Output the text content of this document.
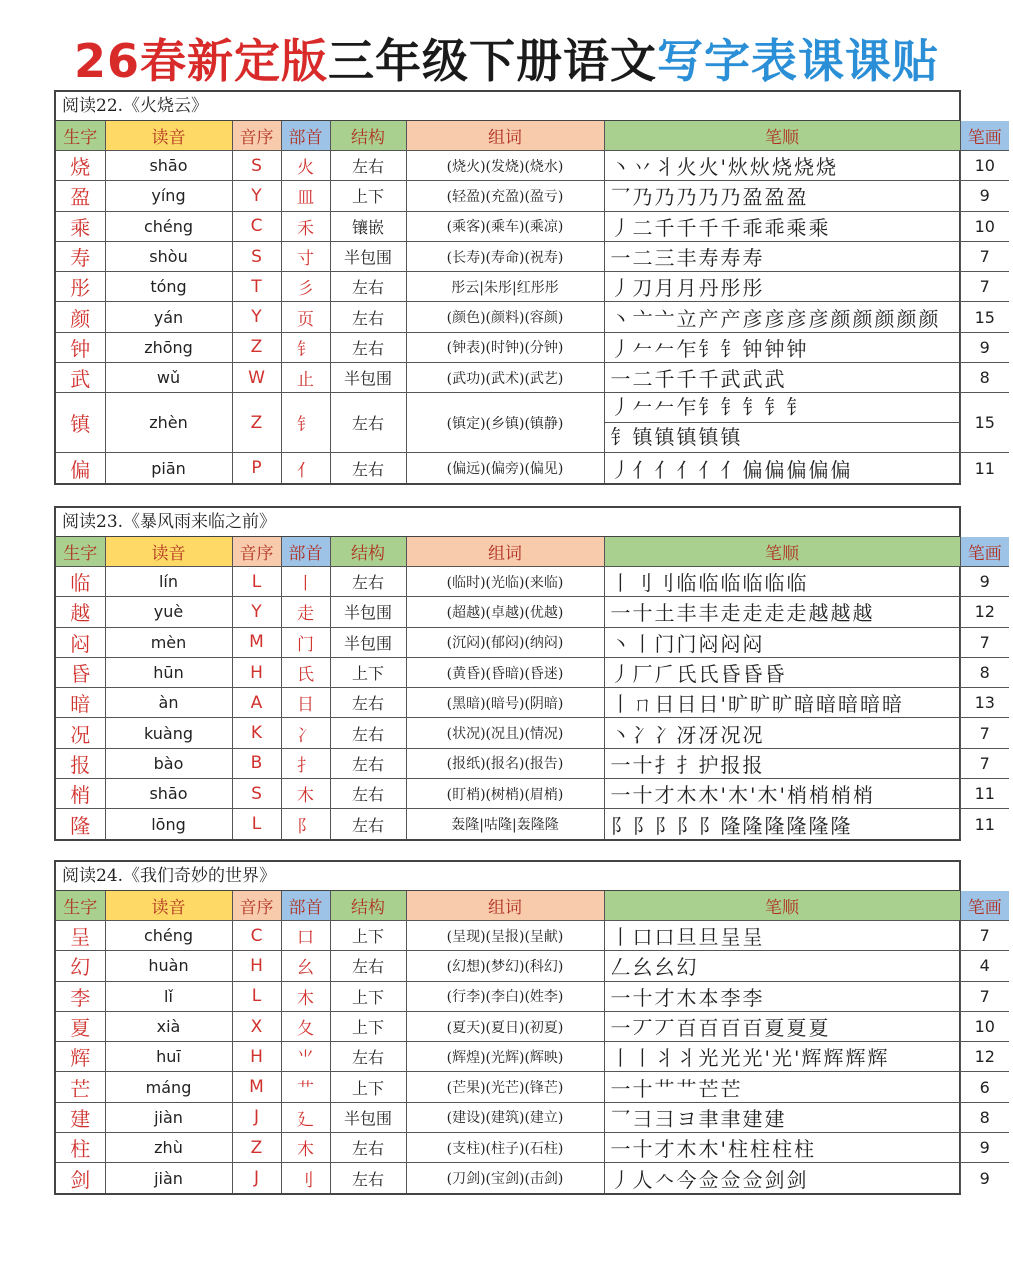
26春新定版三年级下册语文写字表课课贴
阅读22.《火烧云》
生字	读音	音序	部首	结构	组词	笔顺	笔画
烧	shāo	S	火	左右	(烧火)(发烧)(烧水)	丶丷丬火火'炏炏烧烧烧	10
盈	yíng	Y	皿	上下	(轻盈)(充盈)(盈亏)	乛乃乃乃乃乃盈盈盈	9
乘	chéng	C	禾	镶嵌	(乘客)(乘车)(乘凉)	丿二千千千千乖乖乘乘	10
寿	shòu	S	寸	半包围	(长寿)(寿命)(祝寿)	一二三丰寿寿寿	7
彤	tóng	T	彡	左右	彤云|朱彤|红彤彤	丿刀月月丹彤彤	7
颜	yán	Y	页	左右	(颜色)(颜料)(容颜)	丶亠亠立产产彦彦彦彦颜颜颜颜颜	15
钟	zhōng	Z	钅	左右	(钟表)(时钟)(分钟)	丿𠂉𠂉乍钅钅钟钟钟	9
武	wǔ	W	止	半包围	(武功)(武术)(武艺)	一二千千千武武武	8
镇	zhèn	Z	钅	左右	(镇定)(乡镇)(镇静)	丿𠂉𠂉乍钅钅钅钅钅
钅镇镇镇镇镇	15
偏	piān	P	亻	左右	(偏远)(偏旁)(偏见)	丿亻亻亻亻亻偏偏偏偏偏	11
阅读23.《暴风雨来临之前》
生字	读音	音序	部首	结构	组词	笔顺	笔画
临	lín	L	丨	左右	(临时)(光临)(来临)	丨刂刂临临临临临临	9
越	yuè	Y	走	半包围	(超越)(卓越)(优越)	一十土丰丰走走走走越越越	12
闷	mèn	M	门	半包围	(沉闷)(郁闷)(纳闷)	丶丨门门闷闷闷	7
昏	hūn	H	氏	上下	(黄昏)(昏暗)(昏迷)	丿厂𠂆氏氏昏昏昏	8
暗	àn	A	日	左右	(黑暗)(暗号)(阴暗)	丨ㄇ日日日'旷旷旷暗暗暗暗暗	13
况	kuàng	K	冫	左右	(状况)(况且)(情况)	丶冫冫冴冴况况	7
报	bào	B	扌	左右	(报纸)(报名)(报告)	一十扌扌护报报	7
梢	shāo	S	木	左右	(盯梢)(树梢)(眉梢)	一十才木木'木'木'梢梢梢梢	11
隆	lōng	L	阝	左右	轰隆|咕隆|轰隆隆	阝阝阝阝阝隆隆隆隆隆隆	11
阅读24.《我们奇妙的世界》
生字	读音	音序	部首	结构	组词	笔顺	笔画
呈	chéng	C	口	上下	(呈现)(呈报)(呈献)	丨口口旦旦呈呈	7
幻	huàn	H	幺	左右	(幻想)(梦幻)(科幻)	𠃋幺幺幻	4
李	lǐ	L	木	上下	(行李)(李白)(姓李)	一十才木本李李	7
夏	xià	X	夂	上下	(夏天)(夏日)(初夏)	一丆丆百百百百夏夏夏	10
辉	huī	H	⺌	左右	(辉煌)(光辉)(辉映)	丨丨丬丬光光光'光'辉辉辉辉	12
芒	máng	M	艹	上下	(芒果)(光芒)(锋芒)	一十艹艹芒芒	6
建	jiàn	J	廴	半包围	(建设)(建筑)(建立)	乛彐彐ヨ聿聿建建	8
柱	zhù	Z	木	左右	(支柱)(柱子)(石柱)	一十才木木'柱柱柱柱	9
剑	jiàn	J	刂	左右	(刀剑)(宝剑)(击剑)	丿人𠆢今佥佥佥剑剑	9
